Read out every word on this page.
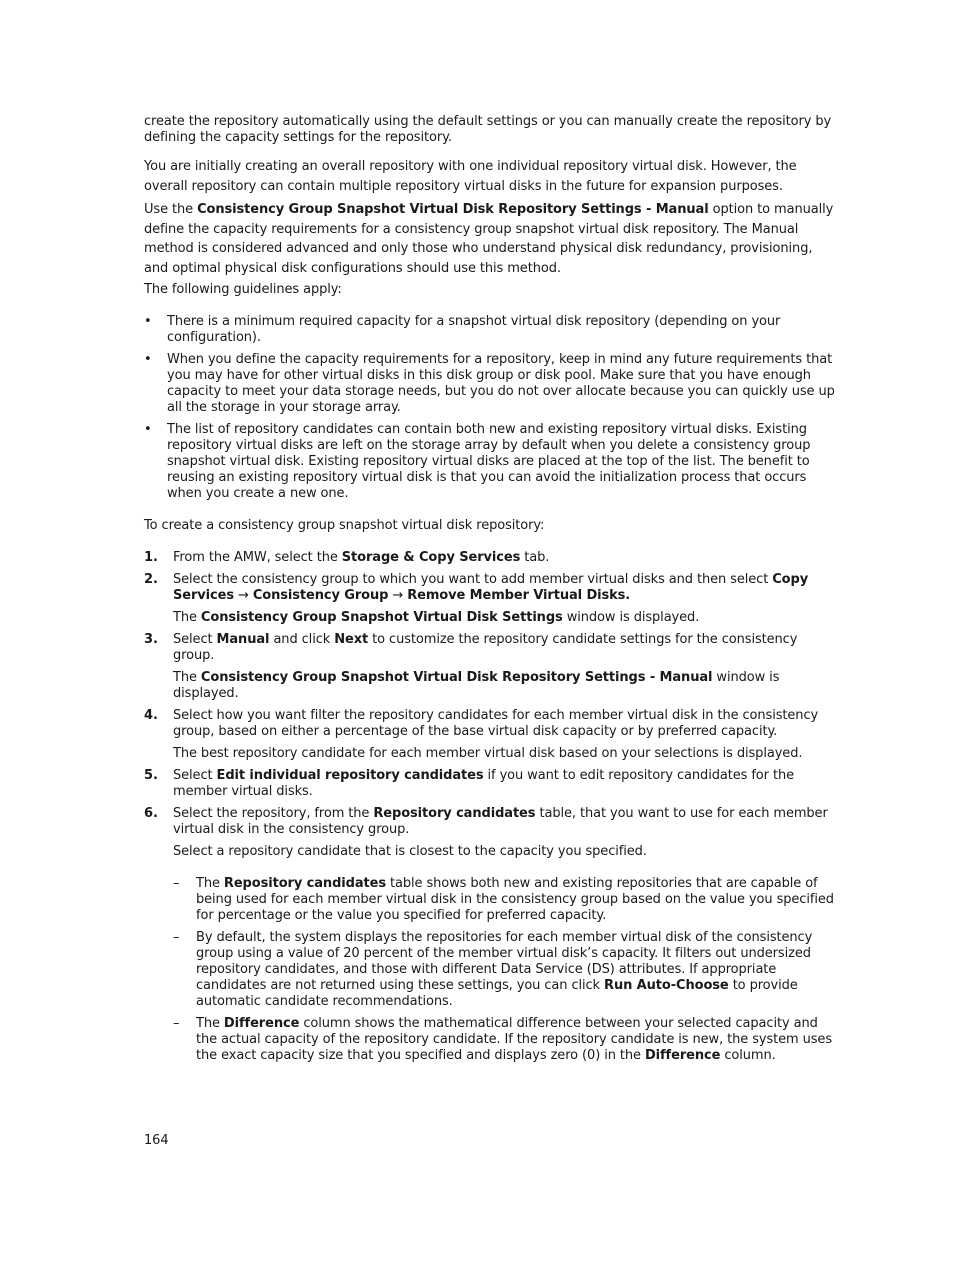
create the repository automatically using the default settings or you can manually create the repository by defining the capacity settings for the repository.

You are initially creating an overall repository with one individual repository virtual disk. However, the overall repository can contain multiple repository virtual disks in the future for expansion purposes.

Use the Consistency Group Snapshot Virtual Disk Repository Settings - Manual option to manually define the capacity requirements for a consistency group snapshot virtual disk repository. The Manual method is considered advanced and only those who understand physical disk redundancy, provisioning, and optimal physical disk configurations should use this method.

The following guidelines apply:

• There is a minimum required capacity for a snapshot virtual disk repository (depending on your configuration).
• When you define the capacity requirements for a repository, keep in mind any future requirements that you may have for other virtual disks in this disk group or disk pool. Make sure that you have enough capacity to meet your data storage needs, but you do not over allocate because you can quickly use up all the storage in your storage array.
• The list of repository candidates can contain both new and existing repository virtual disks. Existing repository virtual disks are left on the storage array by default when you delete a consistency group snapshot virtual disk. Existing repository virtual disks are placed at the top of the list. The benefit to reusing an existing repository virtual disk is that you can avoid the initialization process that occurs when you create a new one.

To create a consistency group snapshot virtual disk repository:

1. From the AMW, select the Storage & Copy Services tab.
2. Select the consistency group to which you want to add member virtual disks and then select Copy Services → Consistency Group → Remove Member Virtual Disks.
The Consistency Group Snapshot Virtual Disk Settings window is displayed.
3. Select Manual and click Next to customize the repository candidate settings for the consistency group.
The Consistency Group Snapshot Virtual Disk Repository Settings - Manual window is displayed.
4. Select how you want filter the repository candidates for each member virtual disk in the consistency group, based on either a percentage of the base virtual disk capacity or by preferred capacity.
The best repository candidate for each member virtual disk based on your selections is displayed.
5. Select Edit individual repository candidates if you want to edit repository candidates for the member virtual disks.
6. Select the repository, from the Repository candidates table, that you want to use for each member virtual disk in the consistency group.
Select a repository candidate that is closest to the capacity you specified.
– The Repository candidates table shows both new and existing repositories that are capable of being used for each member virtual disk in the consistency group based on the value you specified for percentage or the value you specified for preferred capacity.
– By default, the system displays the repositories for each member virtual disk of the consistency group using a value of 20 percent of the member virtual disk’s capacity. It filters out undersized repository candidates, and those with different Data Service (DS) attributes. If appropriate candidates are not returned using these settings, you can click Run Auto-Choose to provide automatic candidate recommendations.
– The Difference column shows the mathematical difference between your selected capacity and the actual capacity of the repository candidate. If the repository candidate is new, the system uses the exact capacity size that you specified and displays zero (0) in the Difference column.
164
